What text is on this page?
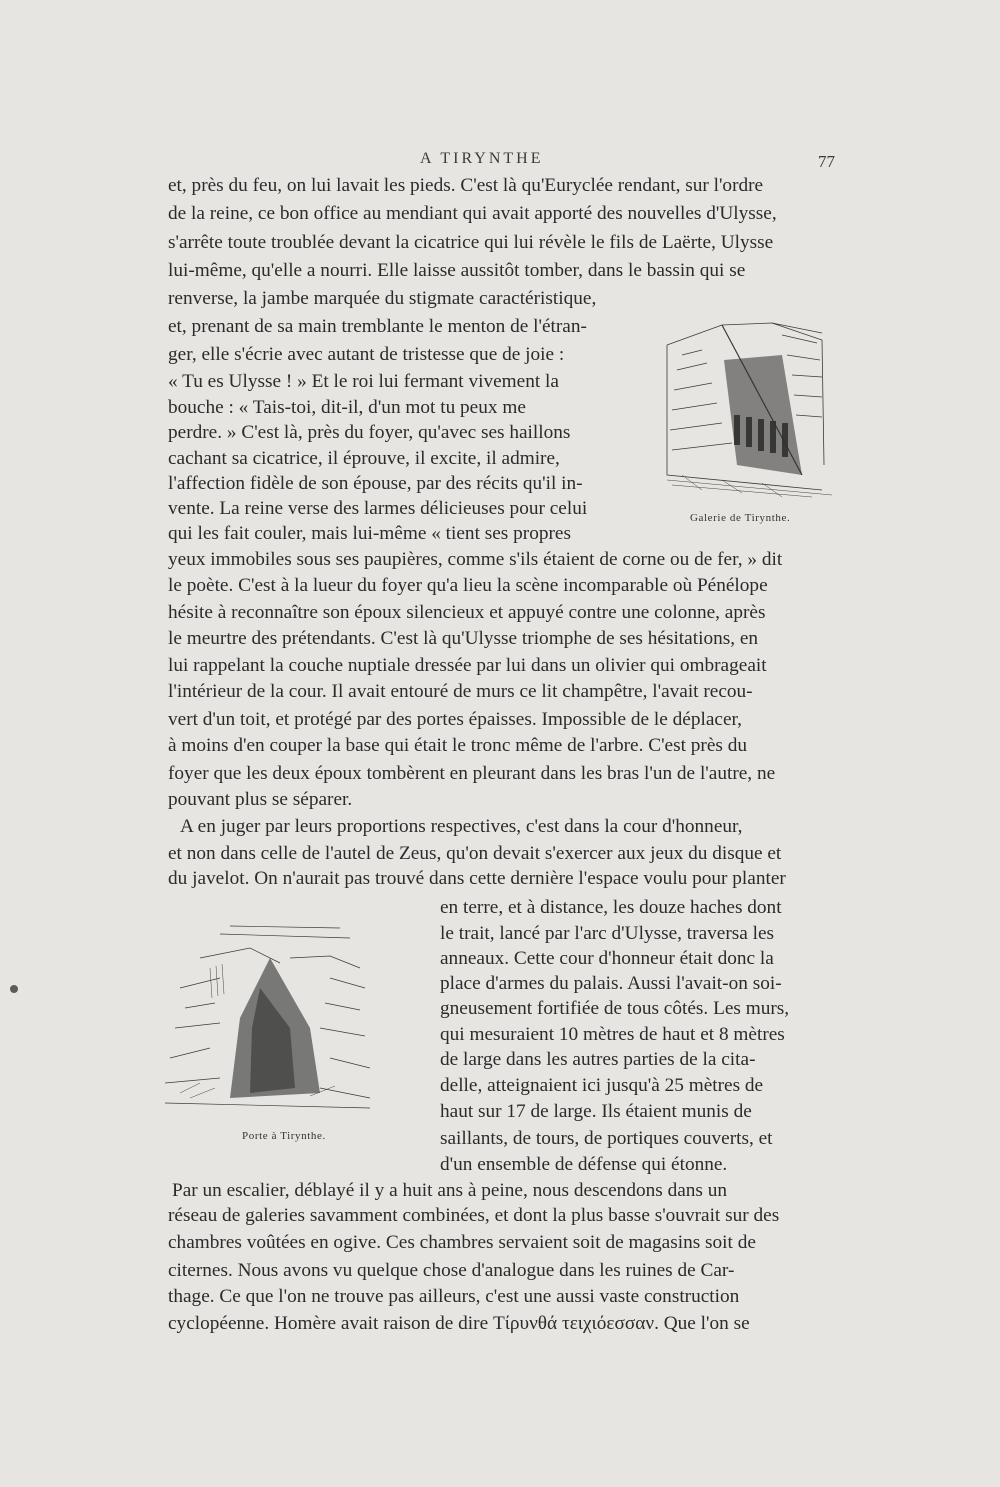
A TIRYNTHE	77
et, près du feu, on lui lavait les pieds. C'est là qu'Euryclée rendant, sur l'ordre
de la reine, ce bon office au mendiant qui avait apporté des nouvelles d'Ulysse,
s'arrête toute troublée devant la cicatrice qui lui révèle le fils de Laërte, Ulysse
lui-même, qu'elle a nourri. Elle laisse aussitôt tomber, dans le bassin qui se
renverse, la jambe marquée du stigmate caractéristique,
et, prenant de sa main tremblante le menton de l'étran-
ger, elle s'écrie avec autant de tristesse que de joie :
« Tu es Ulysse ! » Et le roi lui fermant vivement la
bouche : « Tais-toi, dit-il, d'un mot tu peux me
perdre. » C'est là, près du foyer, qu'avec ses haillons
cachant sa cicatrice, il éprouve, il excite, il admire,
l'affection fidèle de son épouse, par des récits qu'il in-
vente. La reine verse des larmes délicieuses pour celui
qui les fait couler, mais lui-même « tient ses propres
yeux immobiles sous ses paupières, comme s'ils étaient de corne ou de fer, » dit
le poète. C'est à la lueur du foyer qu'a lieu la scène incomparable où Pénélope
hésite à reconnaître son époux silencieux et appuyé contre une colonne, après
le meurtre des prétendants. C'est là qu'Ulysse triomphe de ses hésitations, en
lui rappelant la couche nuptiale dressée par lui dans un olivier qui ombrageait
l'intérieur de la cour. Il avait entouré de murs ce lit champêtre, l'avait recou-
vert d'un toit, et protégé par des portes épaisses. Impossible de le déplacer,
à moins d'en couper la base qui était le tronc même de l'arbre. C'est près du
foyer que les deux époux tombèrent en pleurant dans les bras l'un de l'autre, ne
pouvant plus se séparer.
A en juger par leurs proportions respectives, c'est dans la cour d'honneur,
et non dans celle de l'autel de Zeus, qu'on devait s'exercer aux jeux du disque et
du javelot. On n'aurait pas trouvé dans cette dernière l'espace voulu pour planter
en terre, et à distance, les douze haches dont
le trait, lancé par l'arc d'Ulysse, traversa les
anneaux. Cette cour d'honneur était donc la
place d'armes du palais. Aussi l'avait-on soi-
gneusement fortifiée de tous côtés. Les murs,
qui mesuraient 10 mètres de haut et 8 mètres
de large dans les autres parties de la cita-
delle, atteignaient ici jusqu'à 25 mètres de
haut sur 17 de large. Ils étaient munis de
saillants, de tours, de portiques couverts, et
d'un ensemble de défense qui étonne.
Par un escalier, déblayé il y a huit ans à peine, nous descendons dans un
réseau de galeries savamment combinées, et dont la plus basse s'ouvrait sur des
chambres voûtées en ogive. Ces chambres servaient soit de magasins soit de
citernes. Nous avons vu quelque chose d'analogue dans les ruines de Car-
thage. Ce que l'on ne trouve pas ailleurs, c'est une aussi vaste construction
cyclopéenne. Homère avait raison de dire Τίρυνθά τειχιόεσσαν. Que l'on se
Galerie de Tirynthe.
Porte à Tirynthe.
